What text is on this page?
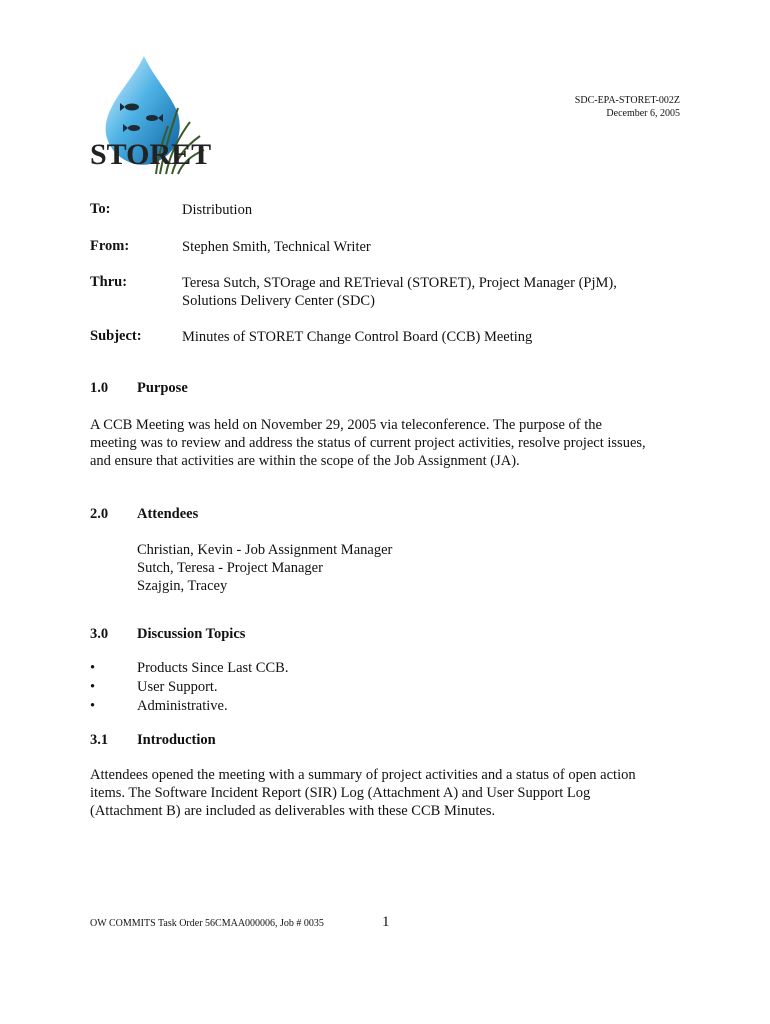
STORET
SDC-EPA-STORET-002Z
December 6, 2005
To:	Distribution
From:	Stephen Smith, Technical Writer
Thru:	Teresa Sutch, STOrage and RETrieval (STORET), Project Manager (PjM),
Solutions Delivery Center (SDC)
Subject:	Minutes of STORET Change Control Board (CCB) Meeting
1.0 Purpose
A CCB Meeting was held on November 29, 2005 via teleconference. The purpose of the
meeting was to review and address the status of current project activities, resolve project issues,
and ensure that activities are within the scope of the Job Assignment (JA).
2.0 Attendees
Christian, Kevin - Job Assignment Manager
Sutch, Teresa - Project Manager
Szajgin, Tracey
3.0 Discussion Topics
•	Products Since Last CCB.
•	User Support.
•	Administrative.
3.1 Introduction
Attendees opened the meeting with a summary of project activities and a status of open action
items. The Software Incident Report (SIR) Log (Attachment A) and User Support Log
(Attachment B) are included as deliverables with these CCB Minutes.
OW COMMITS Task Order 56CMAA000006, Job # 0035	1
